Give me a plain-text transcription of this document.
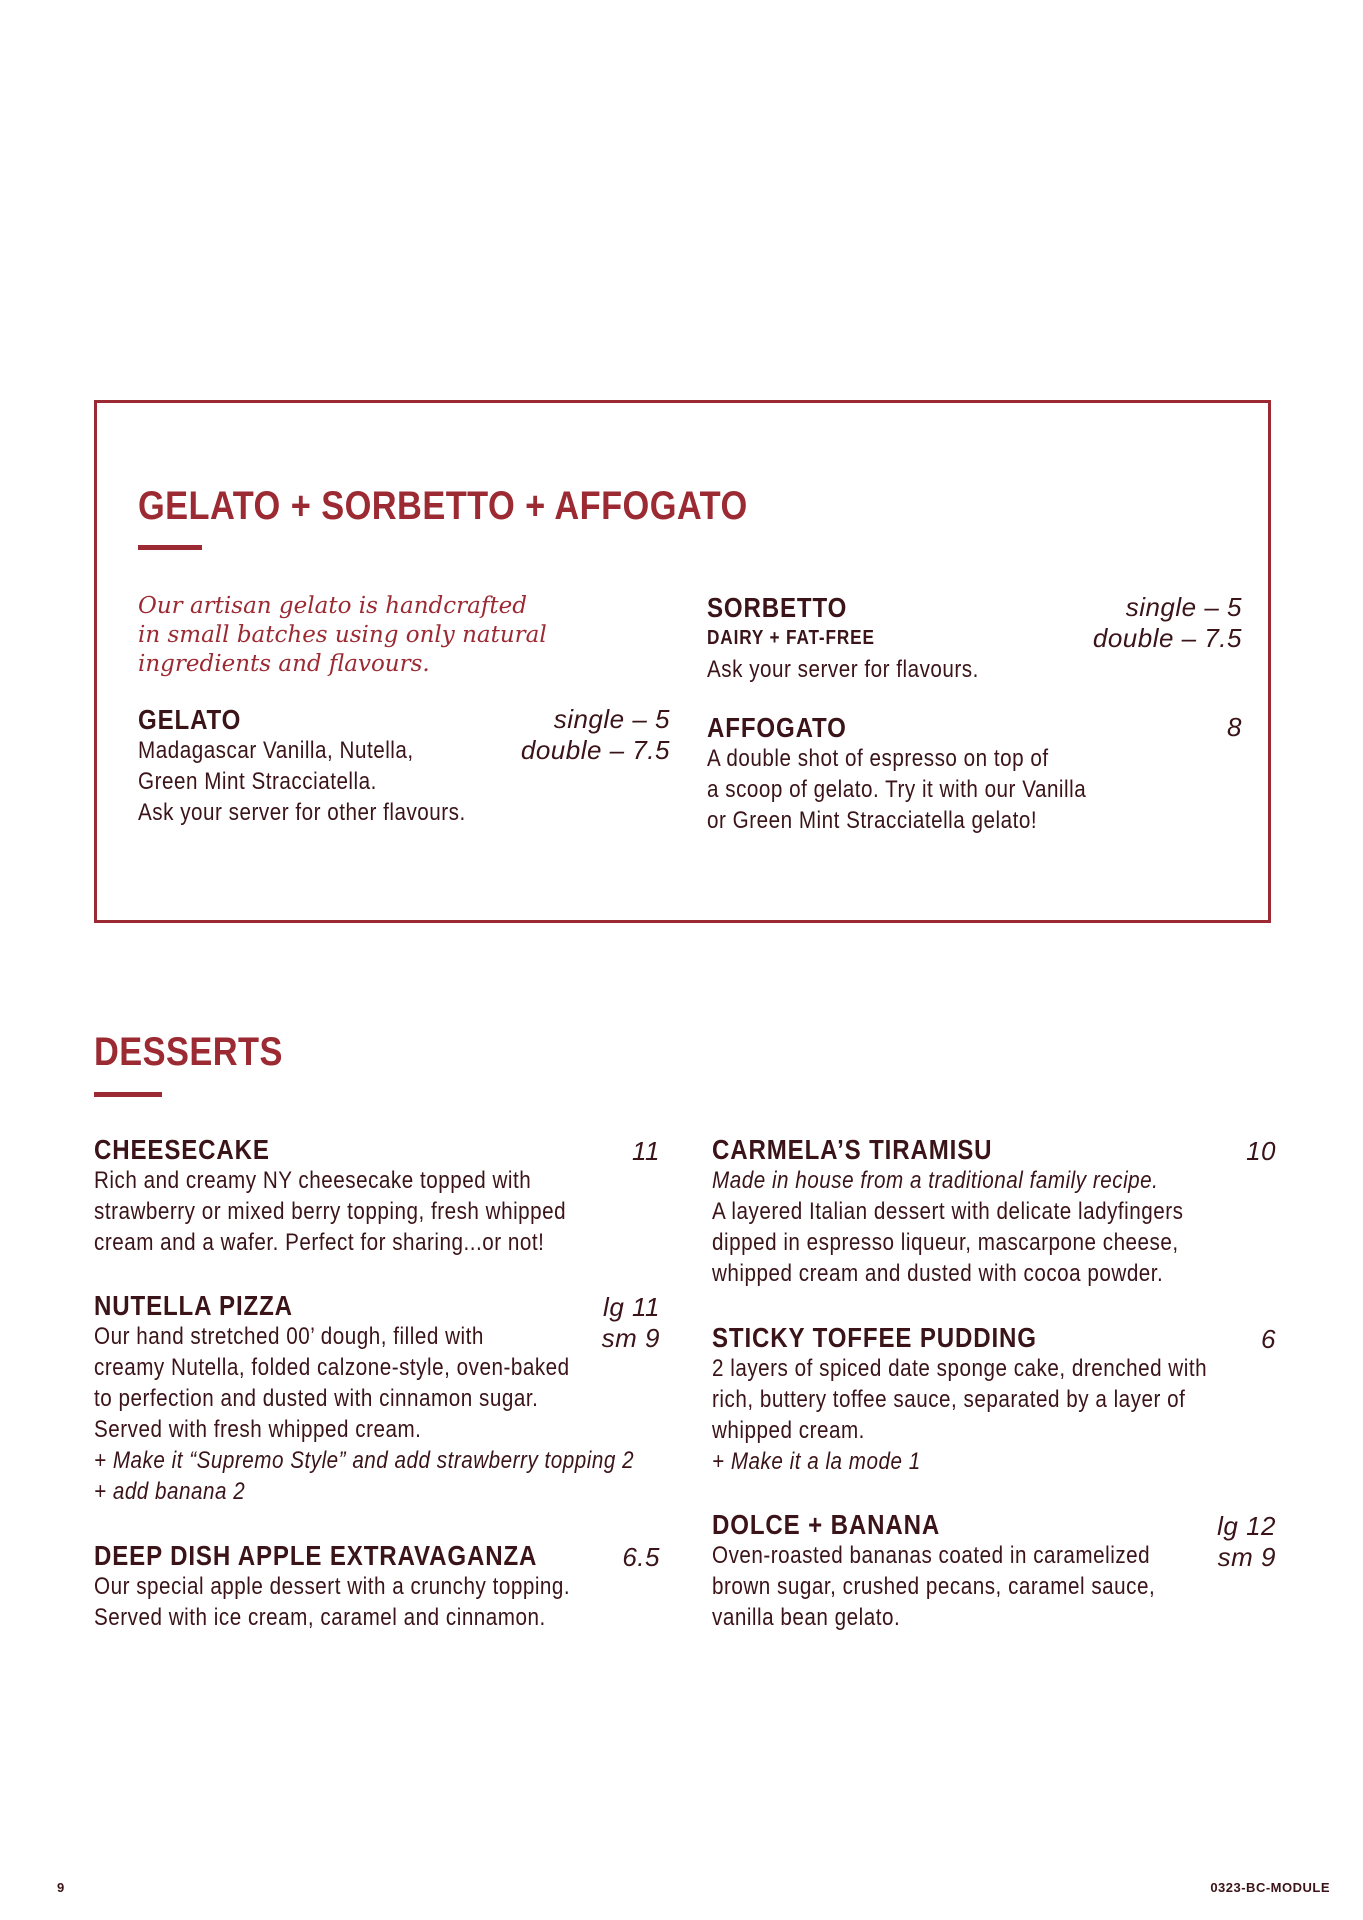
GELATO + SORBETTO + AFFOGATO
Our artisan gelato is handcrafted
in small batches using only natural
ingredients and flavours.
GELATO
Madagascar Vanilla, Nutella,
Green Mint Stracciatella.
Ask your server for other flavours.
single – 5
double – 7.5
SORBETTO
DAIRY + FAT-FREE
Ask your server for flavours.
single – 5
double – 7.5
AFFOGATO
A double shot of espresso on top of
a scoop of gelato. Try it with our Vanilla
or Green Mint Stracciatella gelato!
8
DESSERTS
CHEESECAKE
Rich and creamy NY cheesecake topped with
strawberry or mixed berry topping, fresh whipped
cream and a wafer. Perfect for sharing...or not!
11
NUTELLA PIZZA
Our hand stretched 00’ dough, filled with
creamy Nutella, folded calzone-style, oven-baked
to perfection and dusted with cinnamon sugar.
Served with fresh whipped cream.
+ Make it “Supremo Style” and add strawberry topping 2
+ add banana 2
lg 11
sm 9
DEEP DISH APPLE EXTRAVAGANZA
Our special apple dessert with a crunchy topping.
Served with ice cream, caramel and cinnamon.
6.5
CARMELA’S TIRAMISU
Made in house from a traditional family recipe.
A layered Italian dessert with delicate ladyfingers
dipped in espresso liqueur, mascarpone cheese,
whipped cream and dusted with cocoa powder.
10
STICKY TOFFEE PUDDING
2 layers of spiced date sponge cake, drenched with
rich, buttery toffee sauce, separated by a layer of
whipped cream.
+ Make it a la mode 1
6
DOLCE + BANANA
Oven-roasted bananas coated in caramelized
brown sugar, crushed pecans, caramel sauce,
vanilla bean gelato.
lg 12
sm 9
9	0323-BC-MODULE
